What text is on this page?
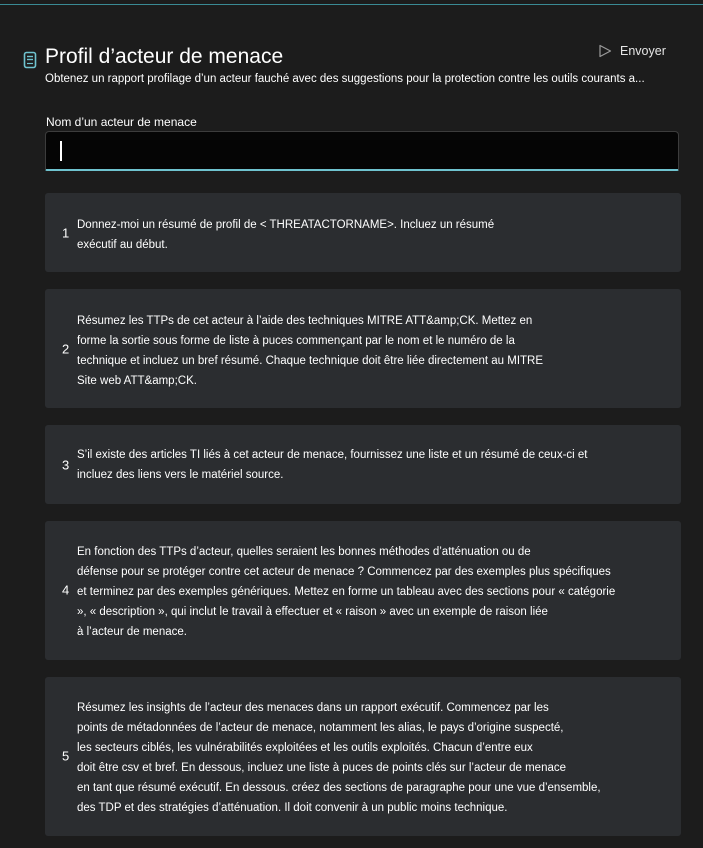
Profil d’acteur de menace
Obtenez un rapport profilage d’un acteur fauché avec des suggestions pour la protection contre les outils courants a...
Envoyer
Nom d’un acteur de menace
1
Donnez-moi un résumé de profil de < THREATACTORNAME>. Incluez un résumé
exécutif au début.
2
Résumez les TTPs de cet acteur à l’aide des techniques MITRE ATT&amp;CK. Mettez en
forme la sortie sous forme de liste à puces commençant par le nom et le numéro de la
technique et incluez un bref résumé. Chaque technique doit être liée directement au MITRE
Site web ATT&amp;CK.
3
S’il existe des articles TI liés à cet acteur de menace, fournissez une liste et un résumé de ceux-ci et
incluez des liens vers le matériel source.
4
En fonction des TTPs d’acteur, quelles seraient les bonnes méthodes d’atténuation ou de
défense pour se protéger contre cet acteur de menace ? Commencez par des exemples plus spécifiques
et terminez par des exemples génériques. Mettez en forme un tableau avec des sections pour « catégorie
», « description », qui inclut le travail à effectuer et « raison » avec un exemple de raison liée
à l’acteur de menace.
5
Résumez les insights de l’acteur des menaces dans un rapport exécutif. Commencez par les
points de métadonnées de l’acteur de menace, notamment les alias, le pays d’origine suspecté,
les secteurs ciblés, les vulnérabilités exploitées et les outils exploités. Chacun d’entre eux
doit être csv et bref. En dessous, incluez une liste à puces de points clés sur l’acteur de menace
en tant que résumé exécutif. En dessous. créez des sections de paragraphe pour une vue d’ensemble,
des TDP et des stratégies d’atténuation. Il doit convenir à un public moins technique.
